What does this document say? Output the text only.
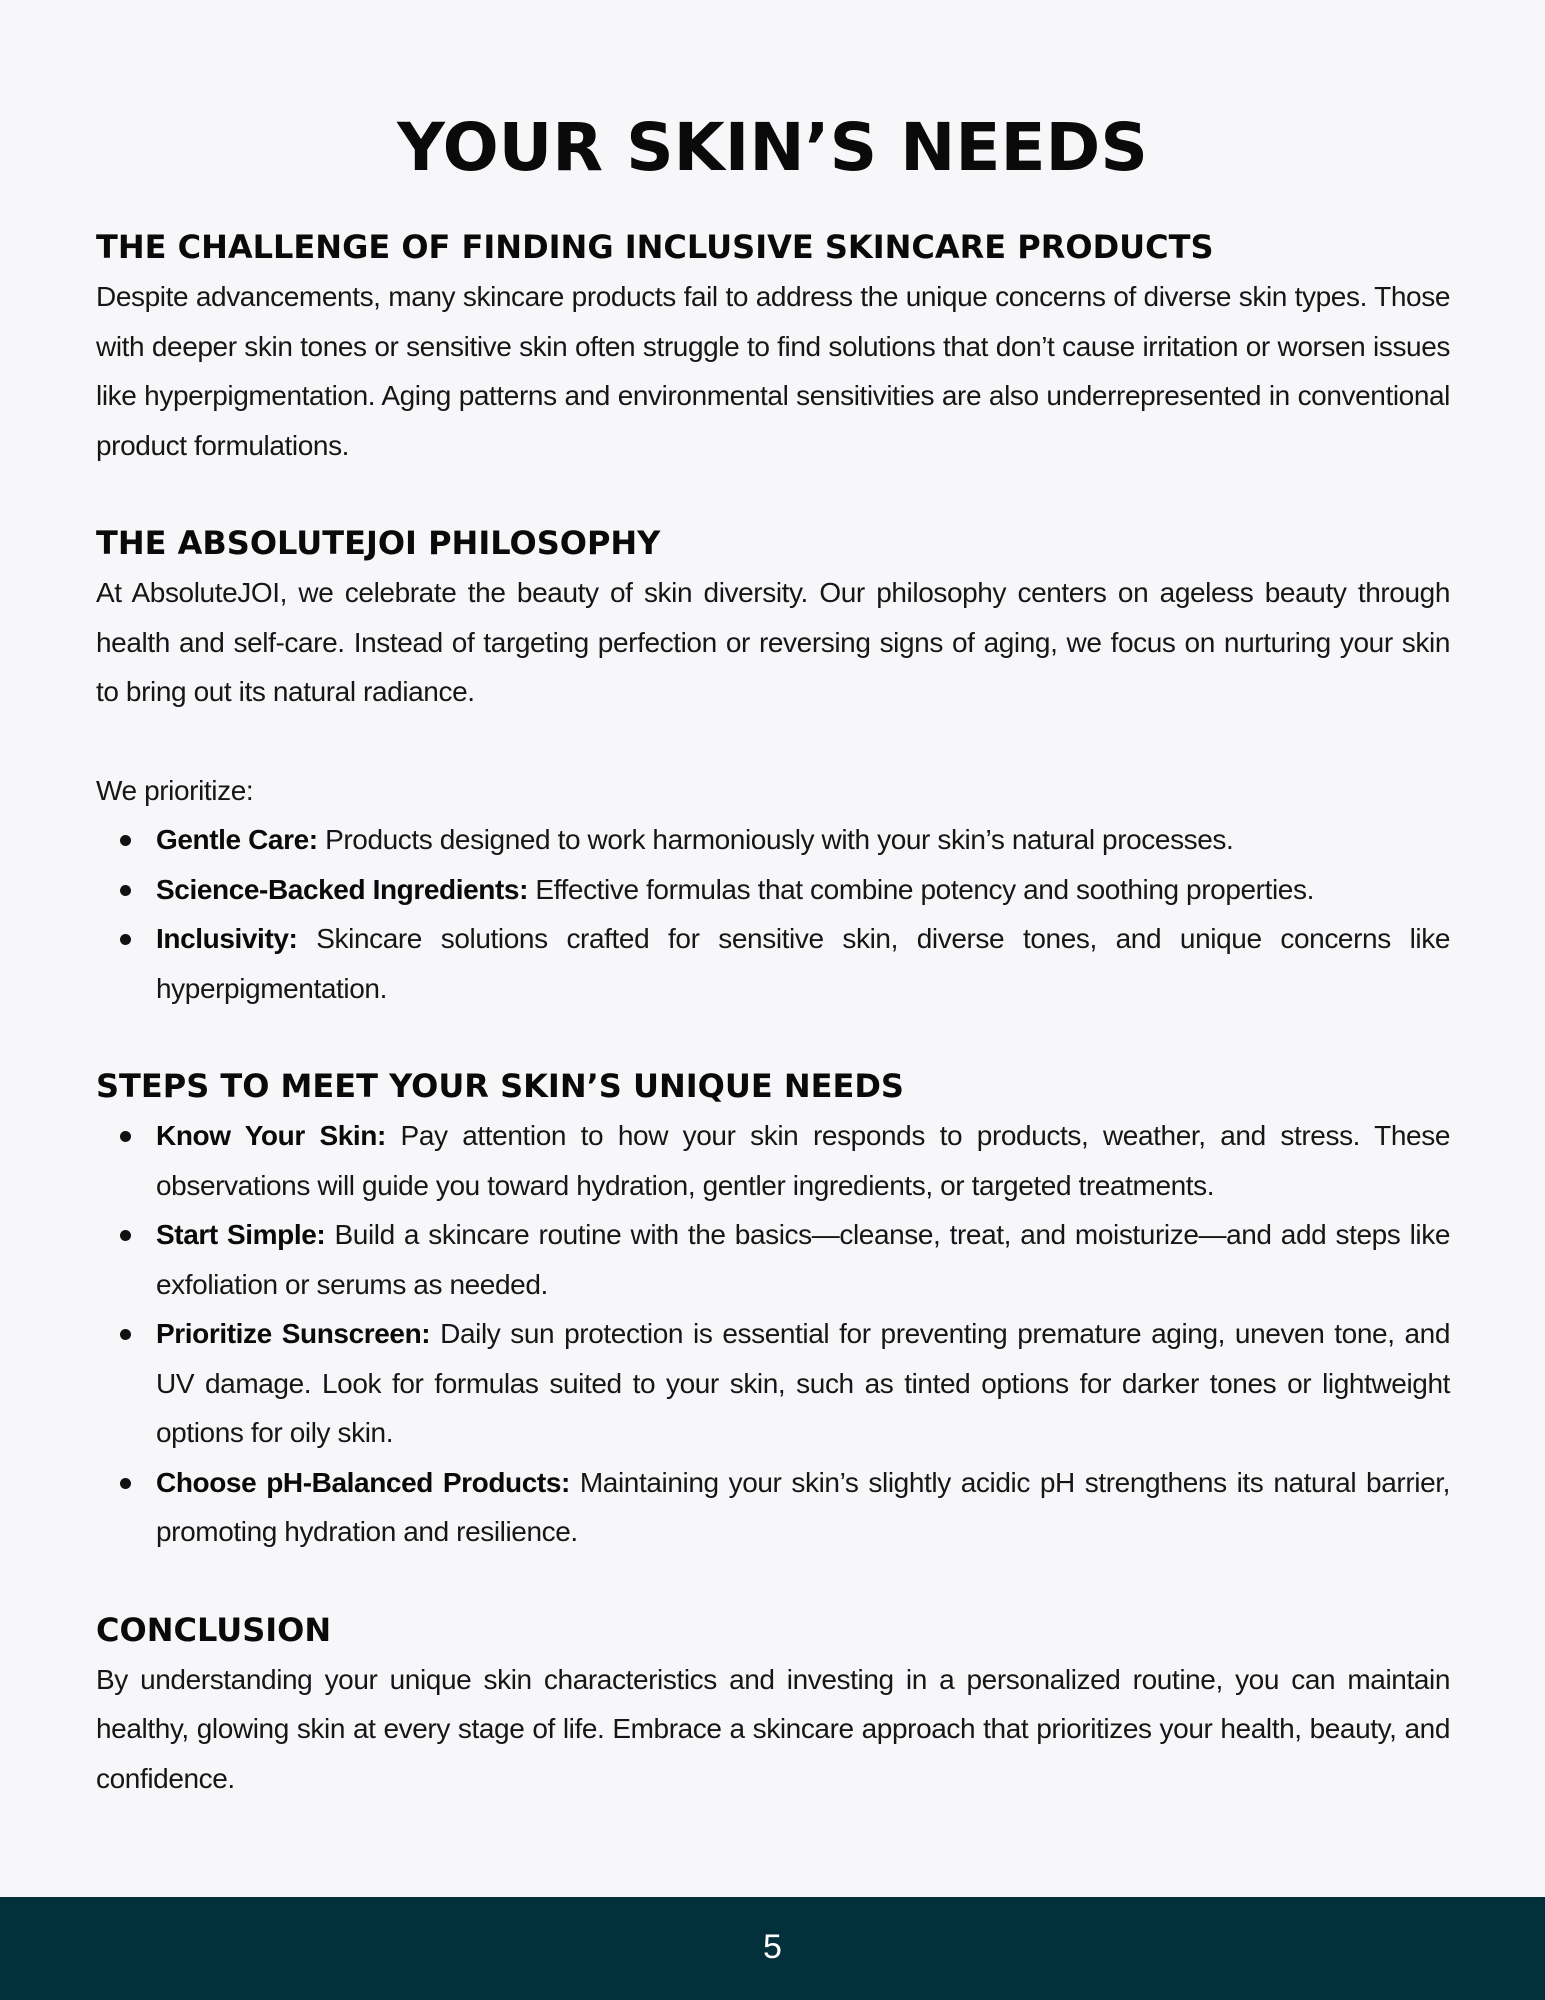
YOUR SKIN’S NEEDS
THE CHALLENGE OF FINDING INCLUSIVE SKINCARE PRODUCTS

Despite advancements, many skincare products fail to address the unique concerns of diverse skin types. Those with deeper skin tones or sensitive skin often struggle to find solutions that don’t cause irritation or worsen issues like hyperpigmentation. Aging patterns and environmental sensitivities are also underrepresented in conventional product formulations.

THE ABSOLUTEJOI PHILOSOPHY

At AbsoluteJOI, we celebrate the beauty of skin diversity. Our philosophy centers on ageless beauty through health and self-care. Instead of targeting perfection or reversing signs of aging, we focus on nurturing your skin to bring out its natural radiance.

We prioritize:

Gentle Care: Products designed to work harmoniously with your skin’s natural processes.
Science-Backed Ingredients: Effective formulas that combine potency and soothing properties.
Inclusivity: Skincare solutions crafted for sensitive skin, diverse tones, and unique concerns like hyperpigmentation.
STEPS TO MEET YOUR SKIN’S UNIQUE NEEDS
Know Your Skin: Pay attention to how your skin responds to products, weather, and stress. These observations will guide you toward hydration, gentler ingredients, or targeted treatments.
Start Simple: Build a skincare routine with the basics—cleanse, treat, and moisturize—and add steps like exfoliation or serums as needed.
Prioritize Sunscreen: Daily sun protection is essential for preventing premature aging, uneven tone, and UV damage. Look for formulas suited to your skin, such as tinted options for darker tones or lightweight options for oily skin.
Choose pH-Balanced Products: Maintaining your skin’s slightly acidic pH strengthens its natural barrier, promoting hydration and resilience.
CONCLUSION

By understanding your unique skin characteristics and investing in a personalized routine, you can maintain healthy, glowing skin at every stage of life. Embrace a skincare approach that prioritizes your health, beauty, and confidence.

5
